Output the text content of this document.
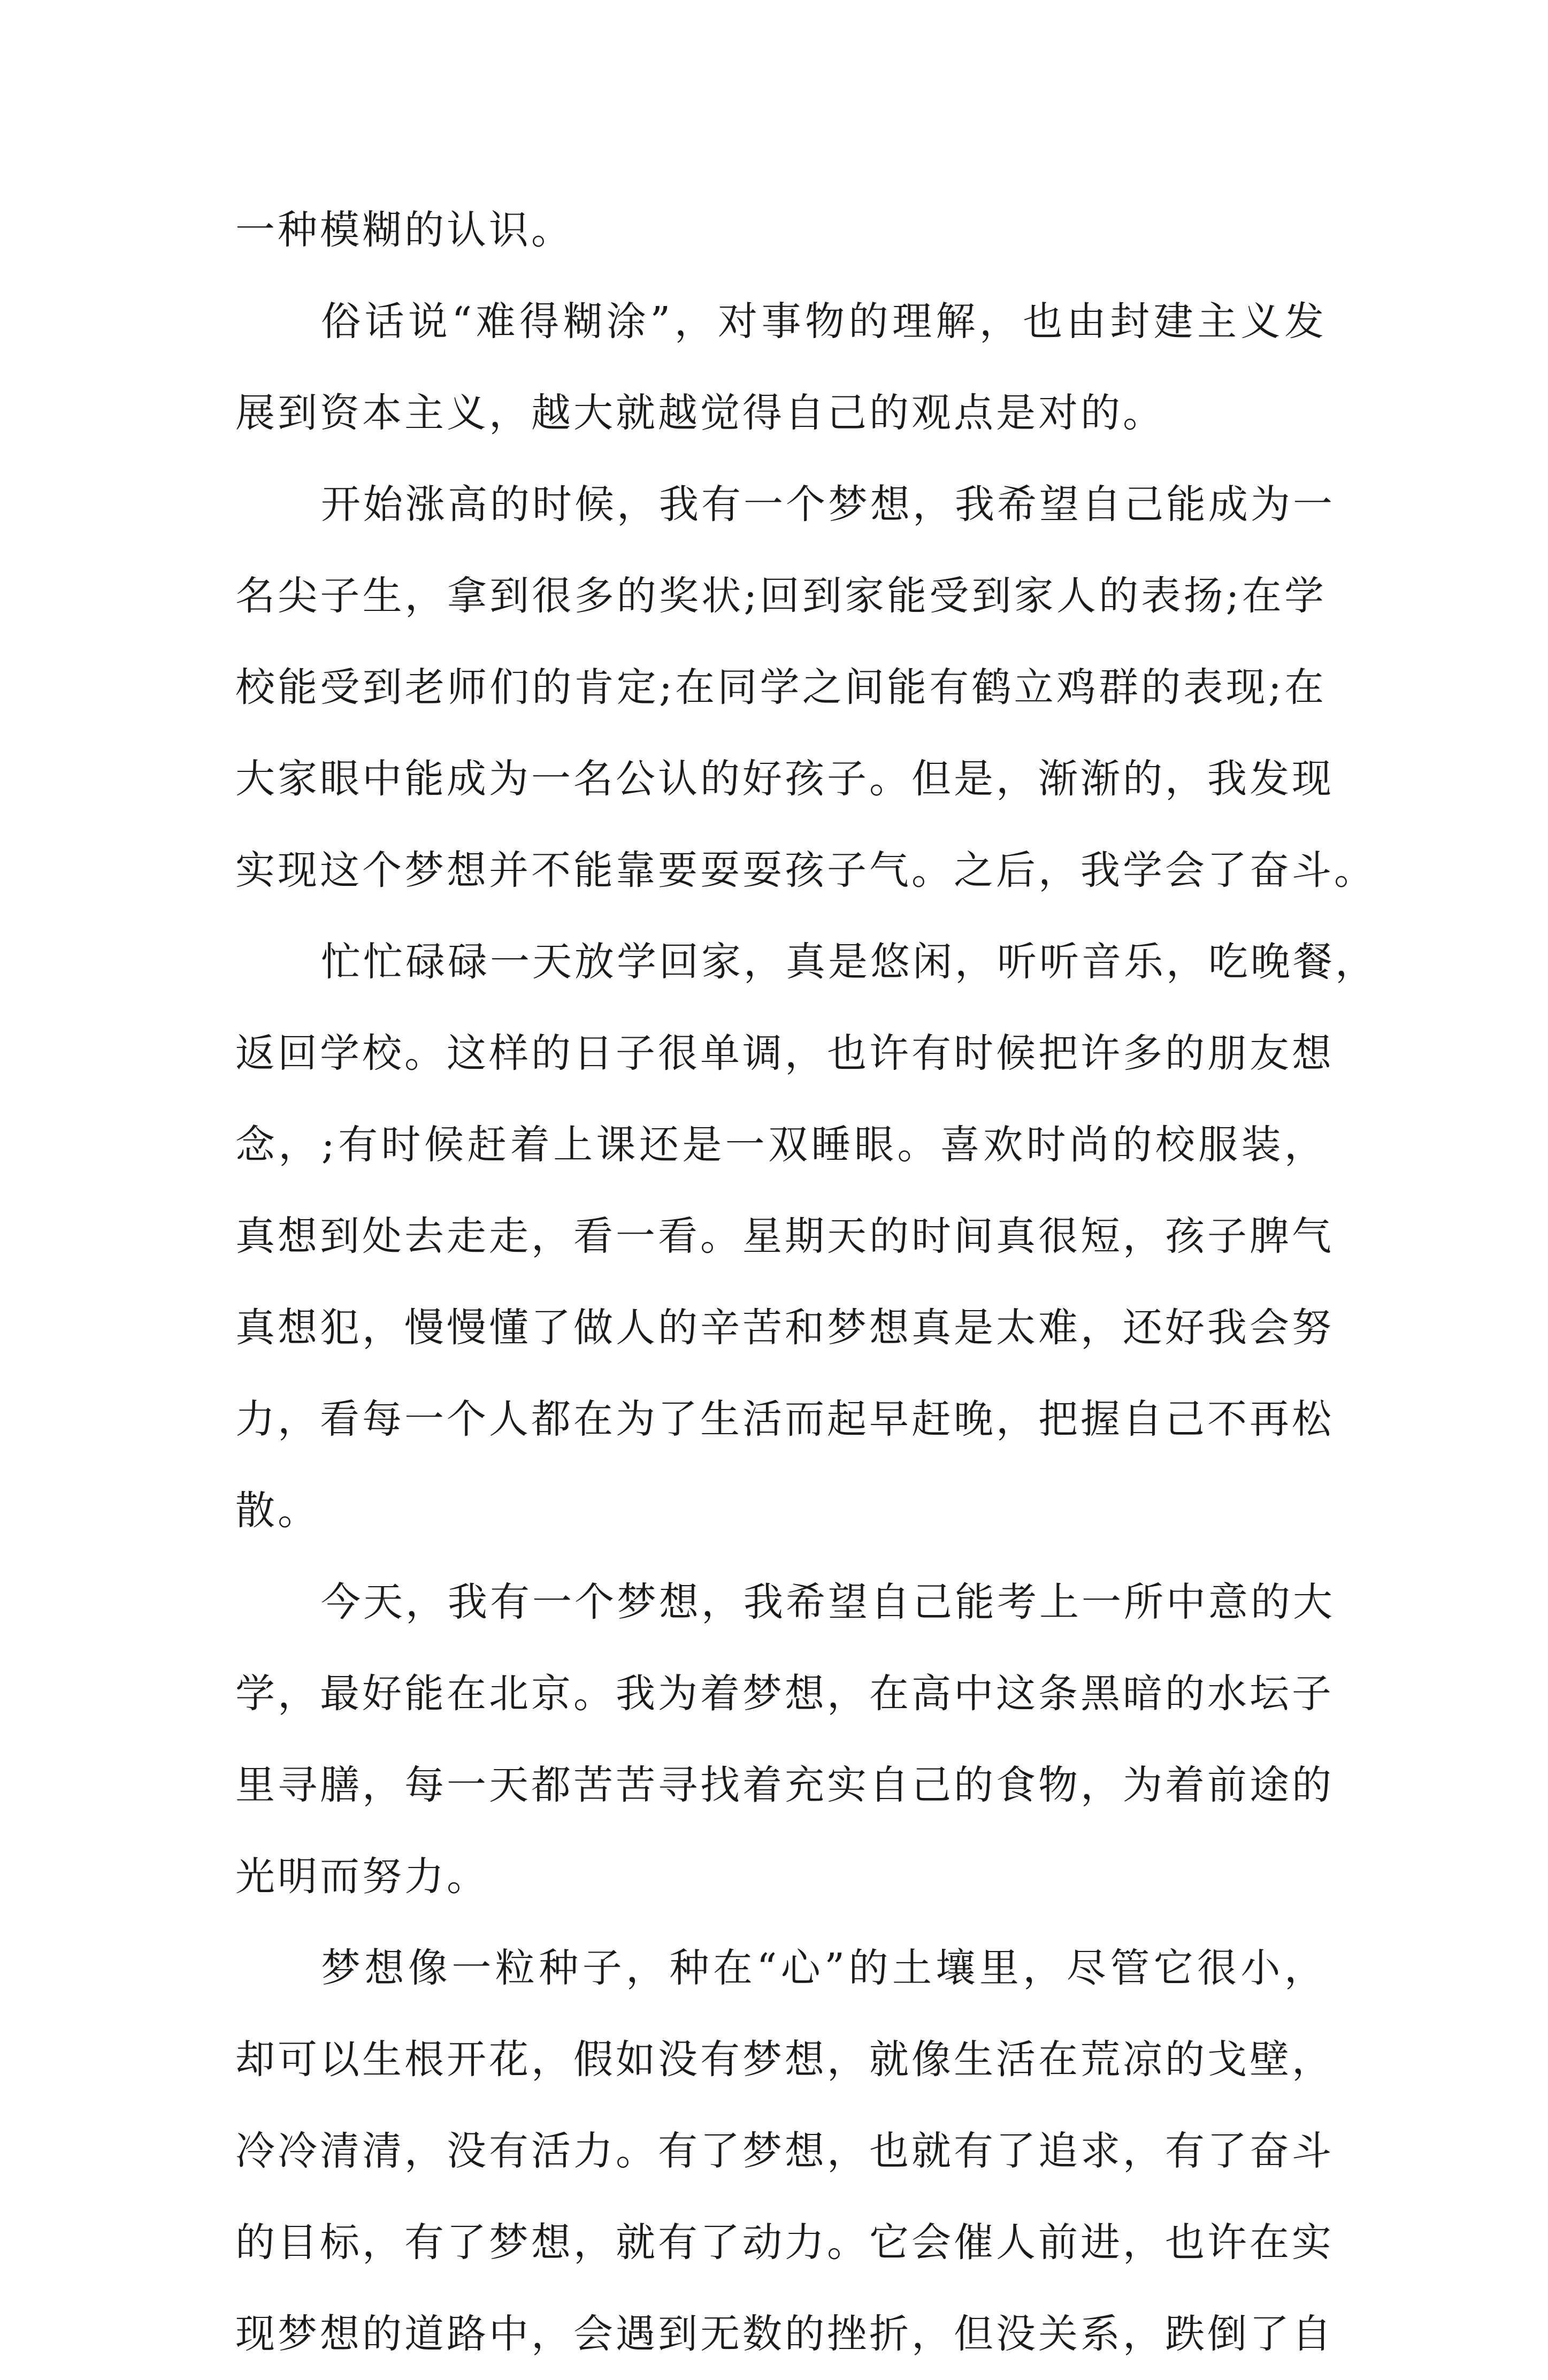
一种模糊的认识。
俗话说“难得糊涂”，对事物的理解，也由封建主义发
展到资本主义，越大就越觉得自己的观点是对的。
开始涨高的时候，我有一个梦想，我希望自己能成为一
名尖子生，拿到很多的奖状;回到家能受到家人的表扬;在学
校能受到老师们的肯定;在同学之间能有鹤立鸡群的表现;在
大家眼中能成为一名公认的好孩子。但是，渐渐的，我发现
实现这个梦想并不能靠要耍耍孩子气。之后，我学会了奋斗。
忙忙碌碌一天放学回家，真是悠闲，听听音乐，吃晚餐，
返回学校。这样的日子很单调，也许有时候把许多的朋友想
念，;有时候赶着上课还是一双睡眼。喜欢时尚的校服装，
真想到处去走走，看一看。星期天的时间真很短，孩子脾气
真想犯，慢慢懂了做人的辛苦和梦想真是太难，还好我会努
力，看每一个人都在为了生活而起早赶晚，把握自己不再松
散。
今天，我有一个梦想，我希望自己能考上一所中意的大
学，最好能在北京。我为着梦想，在高中这条黑暗的水坛子
里寻膳，每一天都苦苦寻找着充实自己的食物，为着前途的
光明而努力。
梦想像一粒种子，种在“心”的土壤里，尽管它很小，
却可以生根开花，假如没有梦想，就像生活在荒凉的戈壁，
冷冷清清，没有活力。有了梦想，也就有了追求，有了奋斗
的目标，有了梦想，就有了动力。它会催人前进，也许在实
现梦想的道路中，会遇到无数的挫折，但没关系，跌倒了自
